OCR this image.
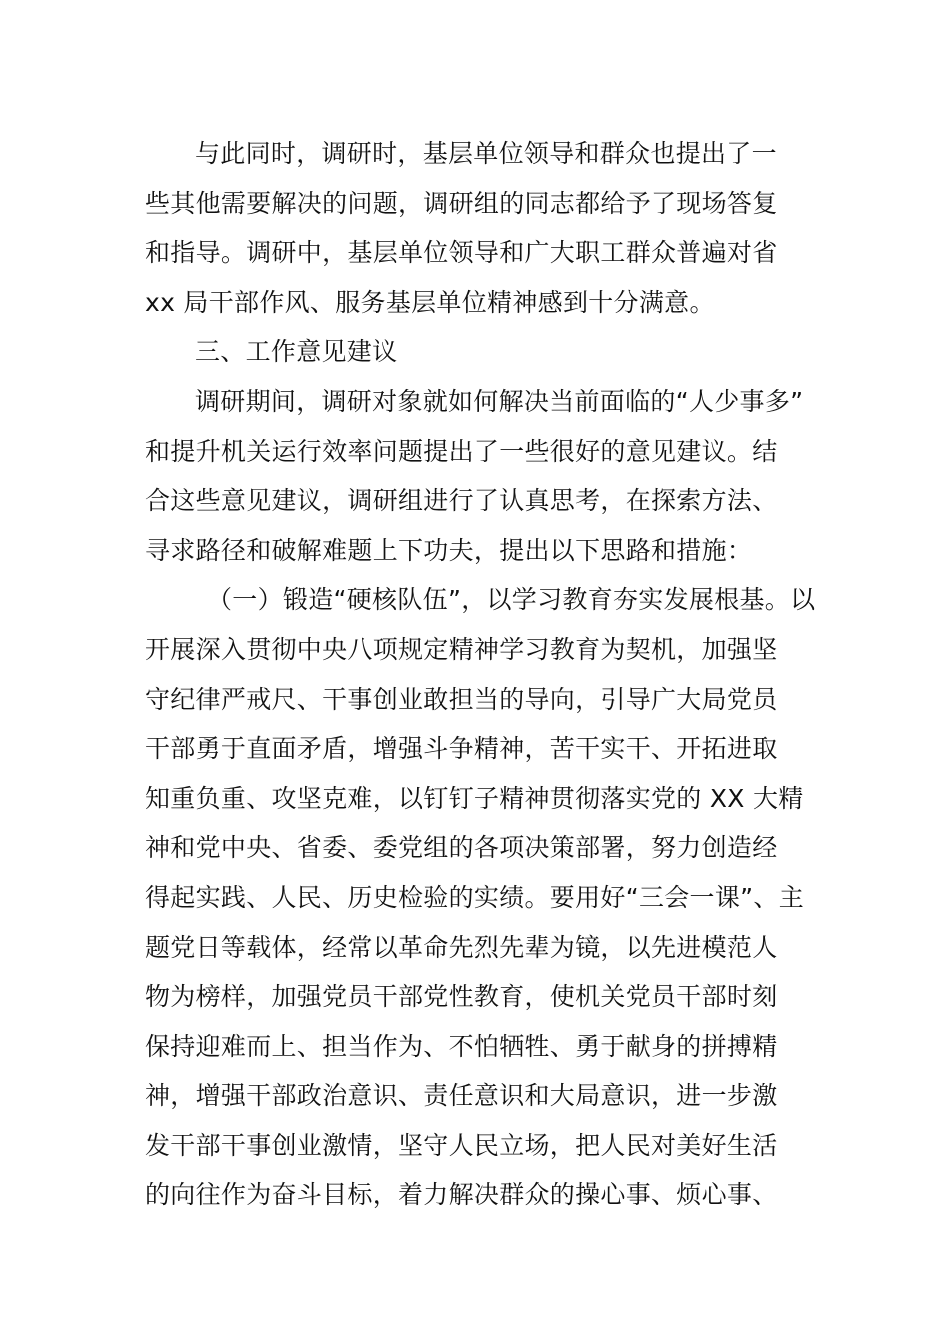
与此同时，调研时，基层单位领导和群众也提出了一
些其他需要解决的问题，调研组的同志都给予了现场答复
和指导。调研中，基层单位领导和广大职工群众普遍对省
xx 局干部作风、服务基层单位精神感到十分满意。
三、工作意见建议
调研期间，调研对象就如何解决当前面临的“人少事多”
和提升机关运行效率问题提出了一些很好的意见建议。结
合这些意见建议，调研组进行了认真思考，在探索方法、
寻求路径和破解难题上下功夫，提出以下思路和措施：
（一）锻造“硬核队伍”，以学习教育夯实发展根基。以
开展深入贯彻中央八项规定精神学习教育为契机，加强坚
守纪律严戒尺、干事创业敢担当的导向，引导广大局党员
干部勇于直面矛盾，增强斗争精神，苦干实干、开拓进取
知重负重、攻坚克难，以钉钉子精神贯彻落实党的 XX 大精
神和党中央、省委、委党组的各项决策部署，努力创造经
得起实践、人民、历史检验的实绩。要用好“三会一课”、主
题党日等载体，经常以革命先烈先辈为镜，以先进模范人
物为榜样，加强党员干部党性教育，使机关党员干部时刻
保持迎难而上、担当作为、不怕牺牲、勇于献身的拼搏精
神，增强干部政治意识、责任意识和大局意识，进一步激
发干部干事创业激情，坚守人民立场，把人民对美好生活
的向往作为奋斗目标，着力解决群众的操心事、烦心事、
